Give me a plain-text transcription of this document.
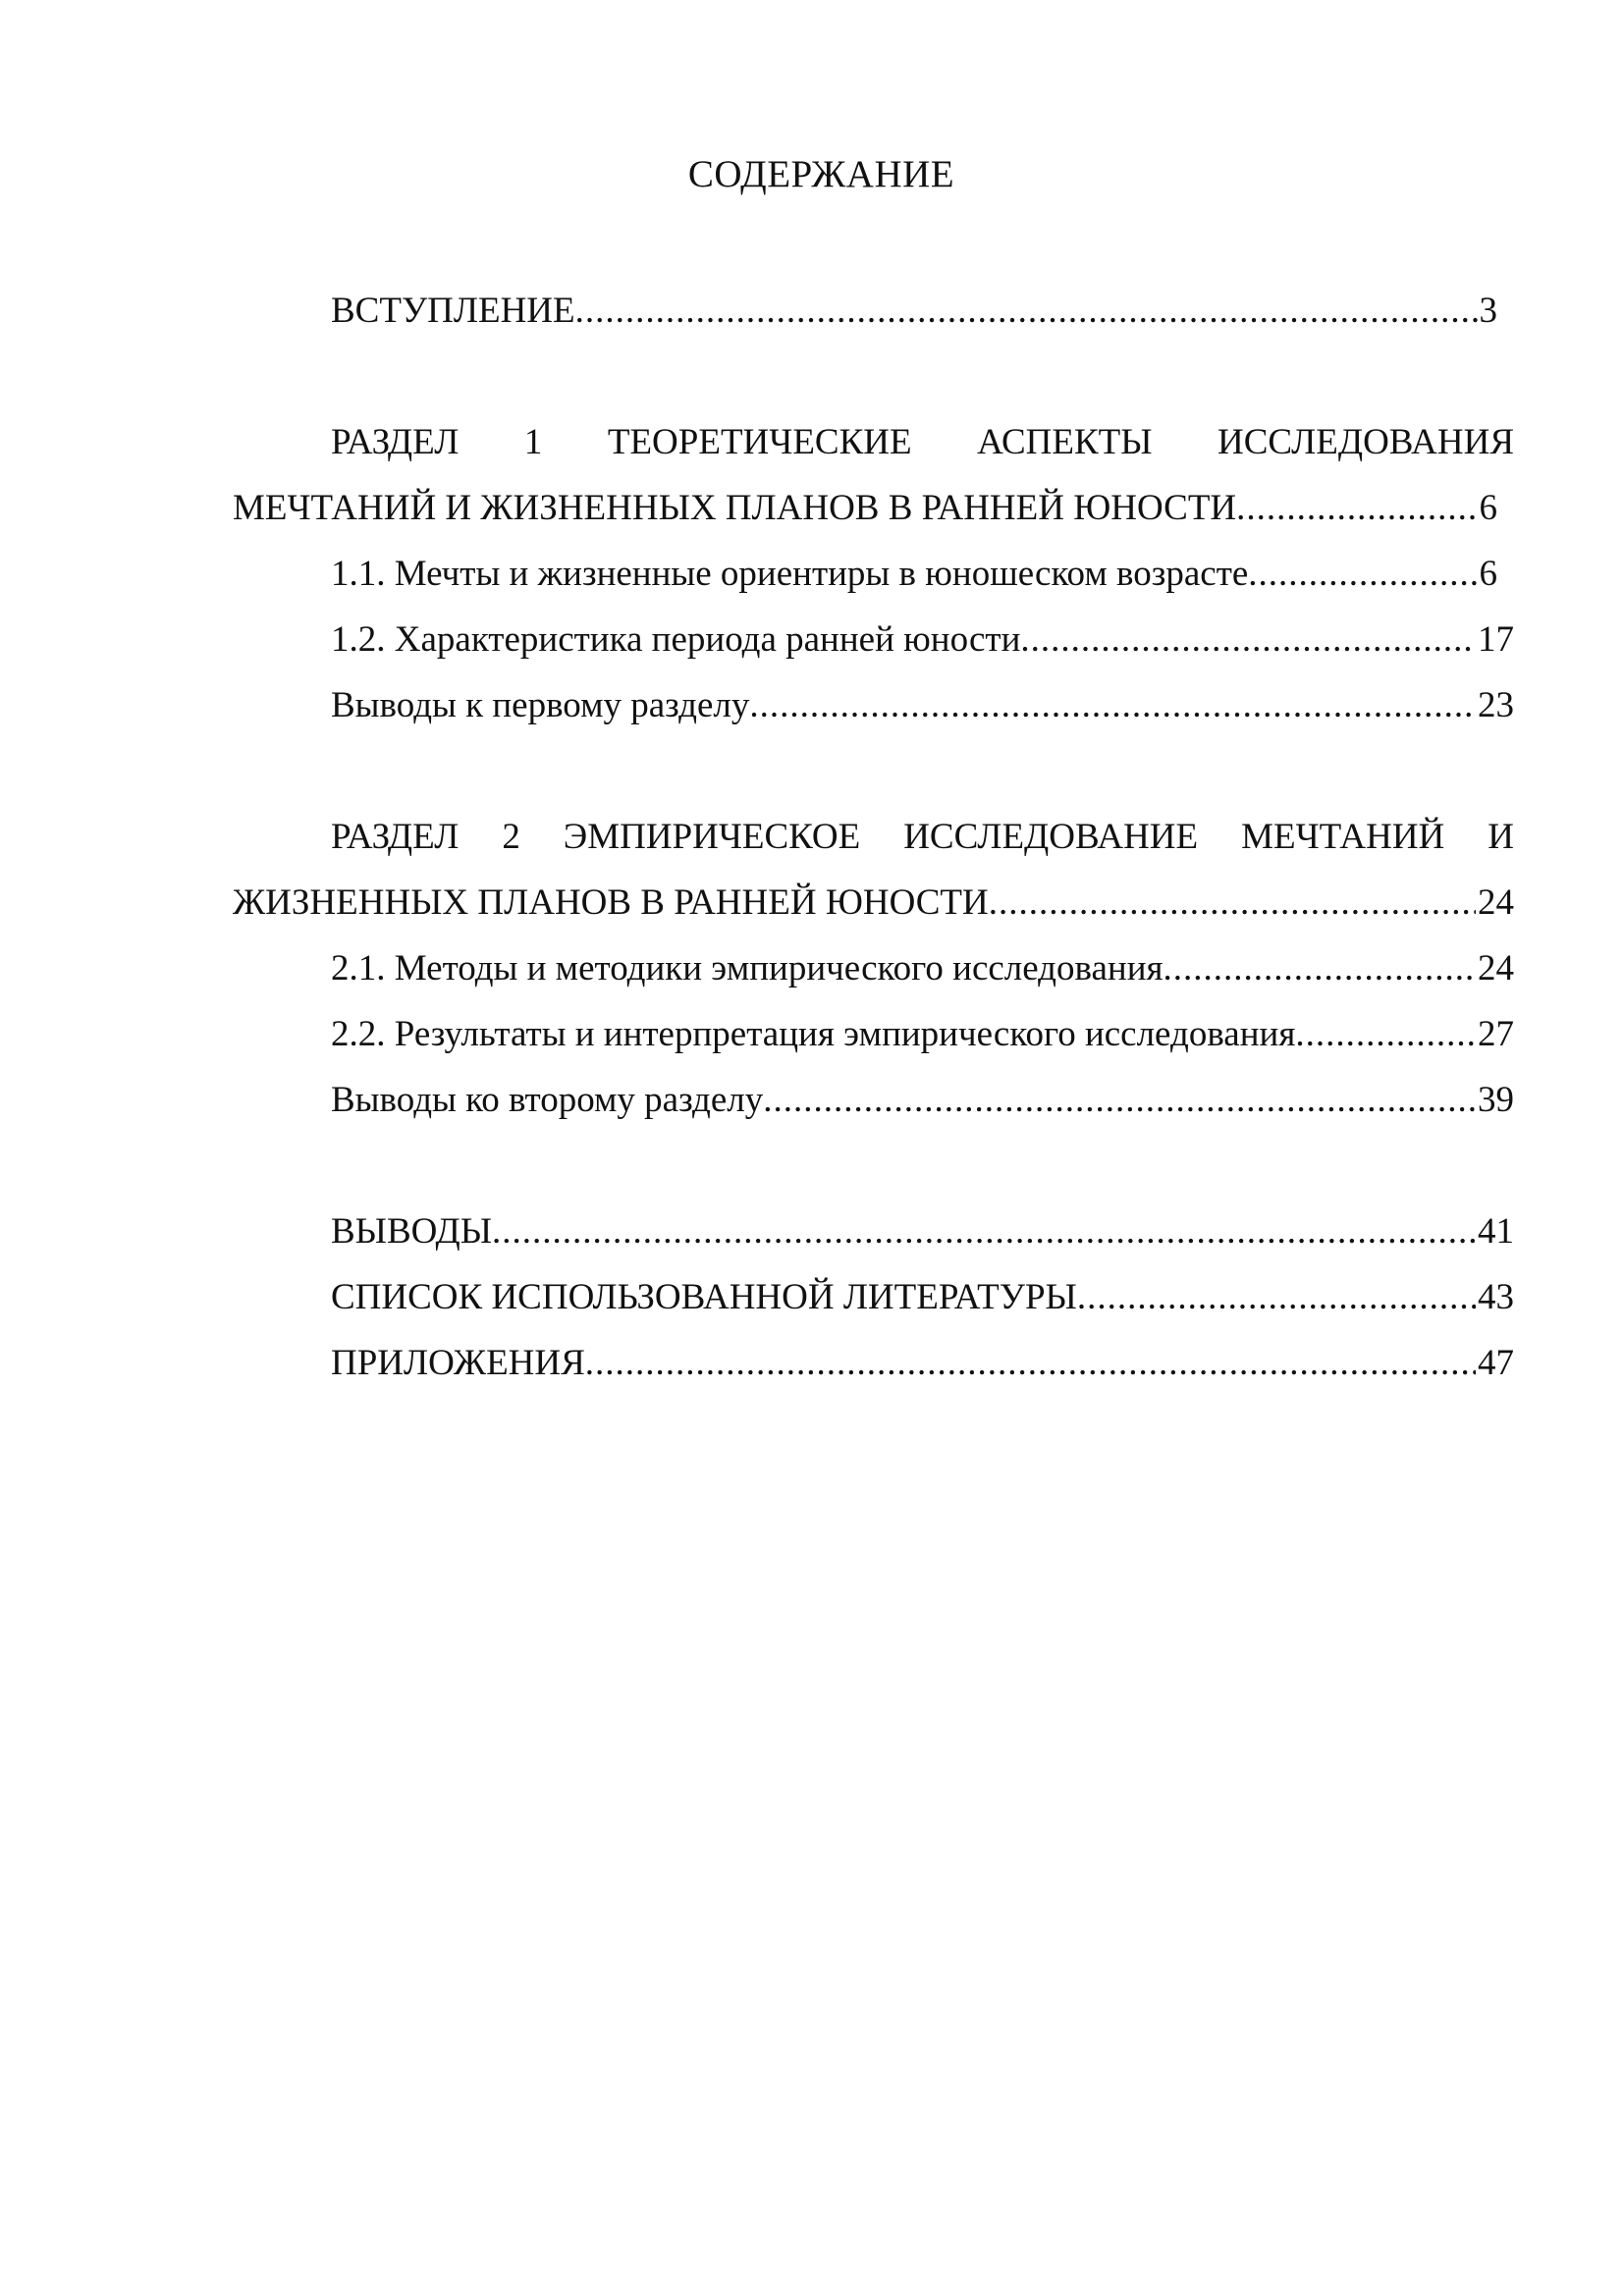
СОДЕРЖАНИЕ
ВСТУПЛЕНИЕ .....	3
РАЗДЕЛ 1 ТЕОРЕТИЧЕСКИЕ АСПЕКТЫ ИССЛЕДОВАНИЯ
МЕЧТАНИЙ И ЖИЗНЕННЫХ ПЛАНОВ В РАННЕЙ ЮНОСТИ .....	6
1.1. Мечты и жизненные ориентиры в юношеском возрасте .....	6
1.2. Характеристика периода ранней юности .....	17
Выводы к первому разделу .....	23
РАЗДЕЛ 2 ЭМПИРИЧЕСКОЕ ИССЛЕДОВАНИЕ МЕЧТАНИЙ И
ЖИЗНЕННЫХ ПЛАНОВ В РАННЕЙ ЮНОСТИ .....	24
2.1. Методы и методики эмпирического исследования .....	24
2.2. Результаты и интерпретация эмпирического исследования .....	27
Выводы ко второму разделу .....	39
ВЫВОДЫ .....	41
СПИСОК ИСПОЛЬЗОВАННОЙ ЛИТЕРАТУРЫ .....	43
ПРИЛОЖЕНИЯ .....	47
